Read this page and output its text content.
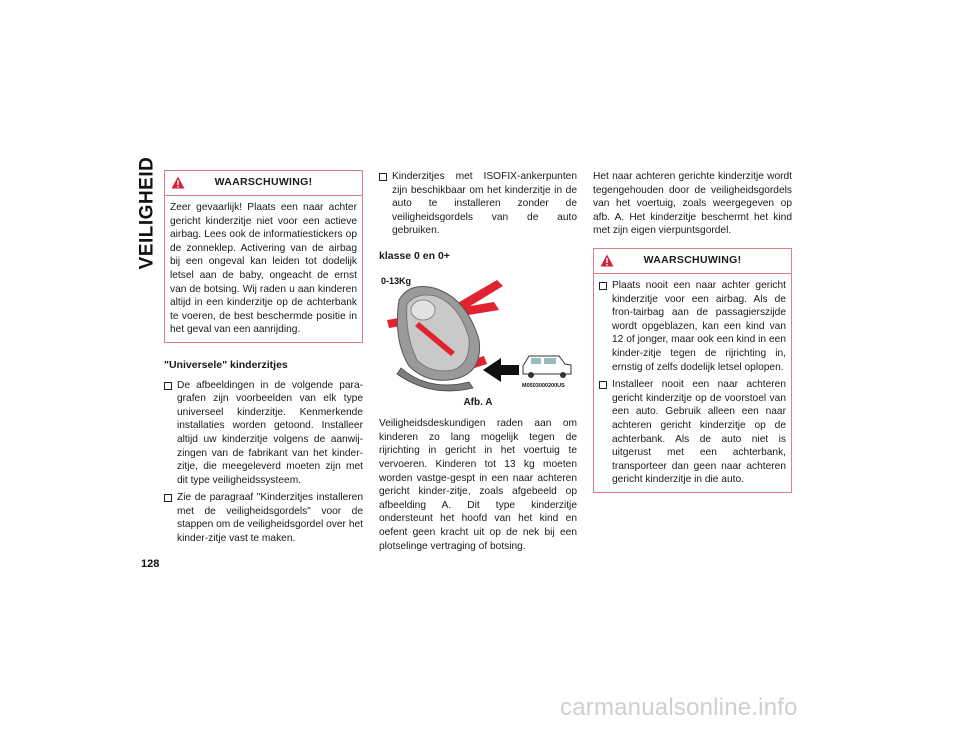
VEILIGHEID
128
WAARSCHUWING!

Zeer gevaarlijk! Plaats een naar achter gericht kinderzitje niet voor een actieve airbag. Lees ook de informatiestickers op de zonneklep. Activering van de airbag bij een ongeval kan leiden tot dodelijk letsel aan de baby, ongeacht de ernst van de botsing. Wij raden u aan kinderen altijd in een kinderzitje op de achterbank te voeren, de best beschermde positie in het geval van een aanrijding.

"Universele" kinderzitjes

De afbeeldingen in de volgende para-grafen zijn voorbeelden van elk type universeel kinderzitje. Kenmerkende installaties worden getoond. Installeer altijd uw kinderzitje volgens de aanwij-zingen van de fabrikant van het kinder-zitje, die meegeleverd moeten zijn met dit type veiligheidssysteem.
Zie de paragraaf "Kinderzitjes installeren met de veiligheidsgordels" voor de stappen om de veiligheidsgordel over het kinder-zitje vast te maken.
Kinderzitjes met ISOFIX-ankerpunten zijn beschikbaar om het kinderzitje in de auto te installeren zonder de veiligheidsgordels van de auto gebruiken.

klasse 0 en 0+

0-13Kg
M0503000200US
Afb. A

Veiligheidsdeskundigen raden aan om kinderen zo lang mogelijk tegen de rijrichting in gericht in het voertuig te vervoeren. Kinderen tot 13 kg moeten worden vastge-gespt in een naar achteren gericht kinder-zitje, zoals afgebeeld op afbeelding A. Dit type kinderzitje ondersteunt het hoofd van het kind en oefent geen kracht uit op de nek bij een plotselinge vertraging of botsing.

Het naar achteren gerichte kinderzitje wordt tegengehouden door de veiligheidsgordels van het voertuig, zoals weergegeven op afb. A. Het kinderzitje beschermt het kind met zijn eigen vierpuntsgordel.

WAARSCHUWING!
Plaats nooit een naar achter gericht kinderzitje voor een airbag. Als de fron-tairbag aan de passagierszijde wordt opgeblazen, kan een kind van 12 of jonger, maar ook een kind in een kinder-zitje tegen de rijrichting in, ernstig of zelfs dodelijk letsel oplopen.
Installeer nooit een naar achteren gericht kinderzitje op de voorstoel van een auto. Gebruik alleen een naar achteren gericht kinderzitje op de achterbank. Als de auto niet is uitgerust met een achterbank, transporteer dan geen naar achteren gericht kinderzitje in die auto.
carmanualsonline.info
